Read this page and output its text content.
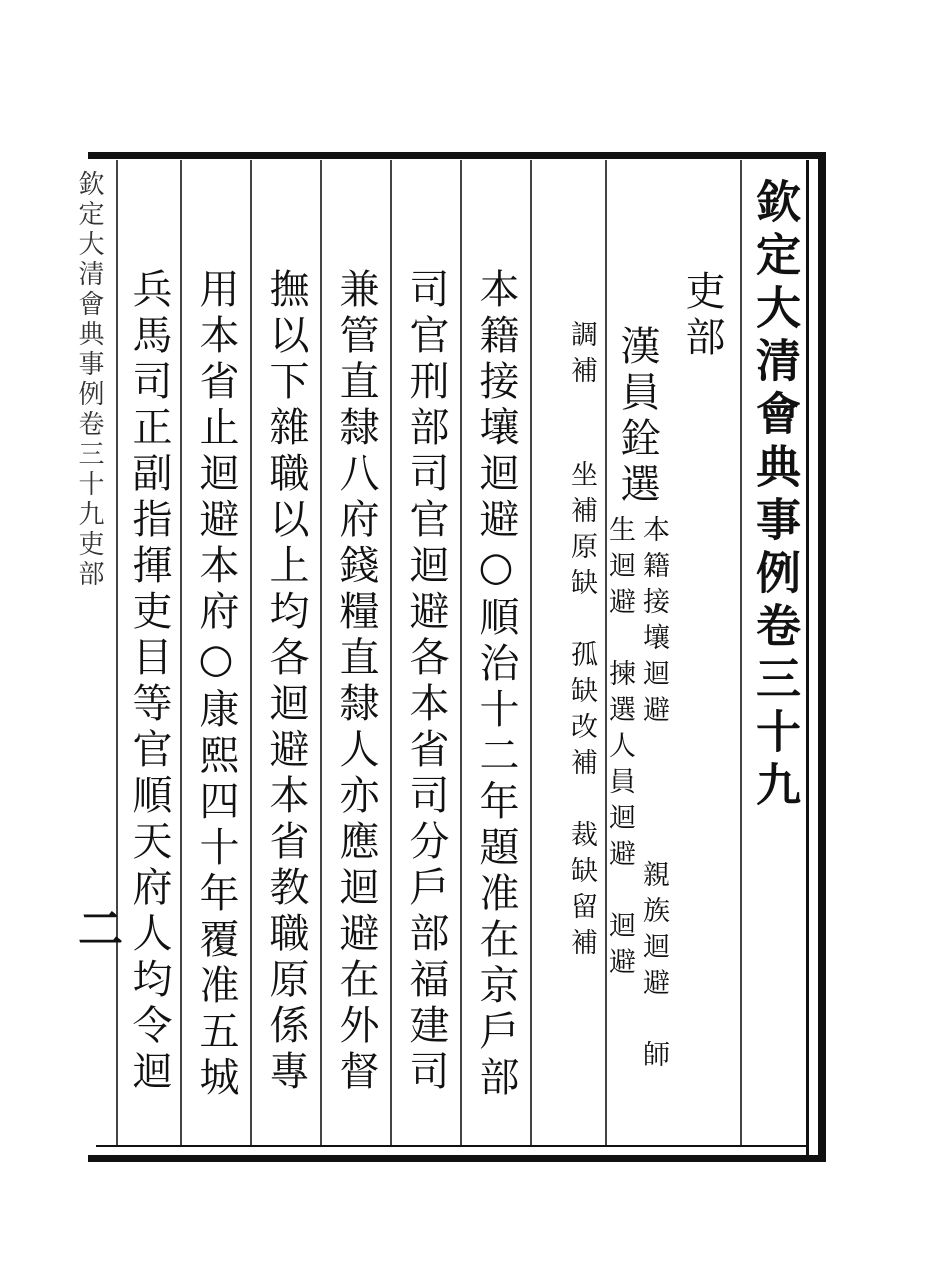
欽定大清會典事例卷三十九
吏部
漢員銓選
本籍接壤迴避
親族迴避　師
生迴避　揀選人員迴避　迴避
坐補原缺　孤缺改補　裁缺留補
調補
本籍接壤迴避○順治十二年題准在京戶部
司官刑部司官迴避各本省司分戶部福建司
兼管直隸八府錢糧直隸人亦應迴避在外督
撫以下雜職以上均各迴避本省教職原係專
用本省止迴避本府○康熙四十年覆准五城
兵馬司正副指揮吏目等官順天府人均令迴
欽定大清會典事例卷三十九吏部
二
